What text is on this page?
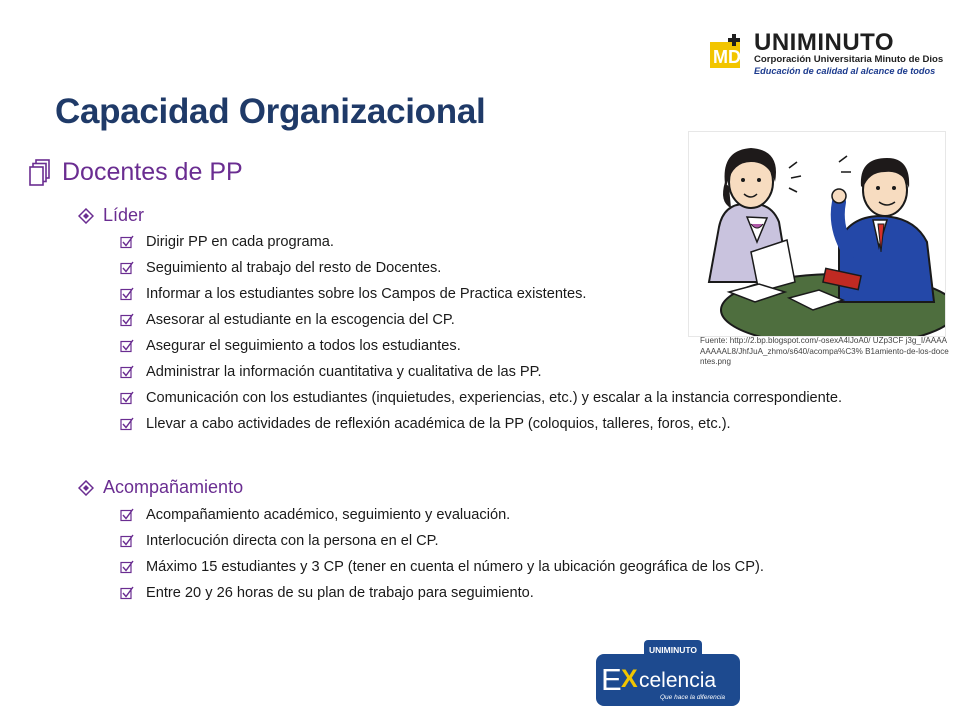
MD
UNIMINUTO
Corporación Universitaria Minuto de Dios
Educación de calidad al alcance de todos
Capacidad Organizacional
Docentes de PP
Líder
Dirigir PP en cada programa.
Seguimiento al trabajo del resto de Docentes.
Informar a los estudiantes sobre los Campos de Practica existentes.
Asesorar al estudiante en la escogencia del CP.
Asegurar el seguimiento a todos los estudiantes.
Administrar la información cuantitativa y cualitativa de las PP.
Comunicación con los estudiantes (inquietudes, experiencias, etc.) y escalar a la instancia correspondiente.
Llevar a cabo actividades de reflexión académica de la PP (coloquios, talleres, foros, etc.).
Acompañamiento
Acompañamiento académico, seguimiento y evaluación.
Interlocución directa con la persona en el CP.
Máximo 15 estudiantes y 3 CP (tener en cuenta el número y la ubicación geográfica de los CP).
Entre 20 y 26 horas de su plan de trabajo para seguimiento.
Fuente: http://2.bp.blogspot.com/-osexA4lJoA0/ UZp3CF j3g_I/AAAAAAAAAL8/JhfJuA_zhmo/s640/acompa%C3% B1amiento-de-los-docentes.png
UNIMINUTO
E X celencia
Que hace la diferencia
